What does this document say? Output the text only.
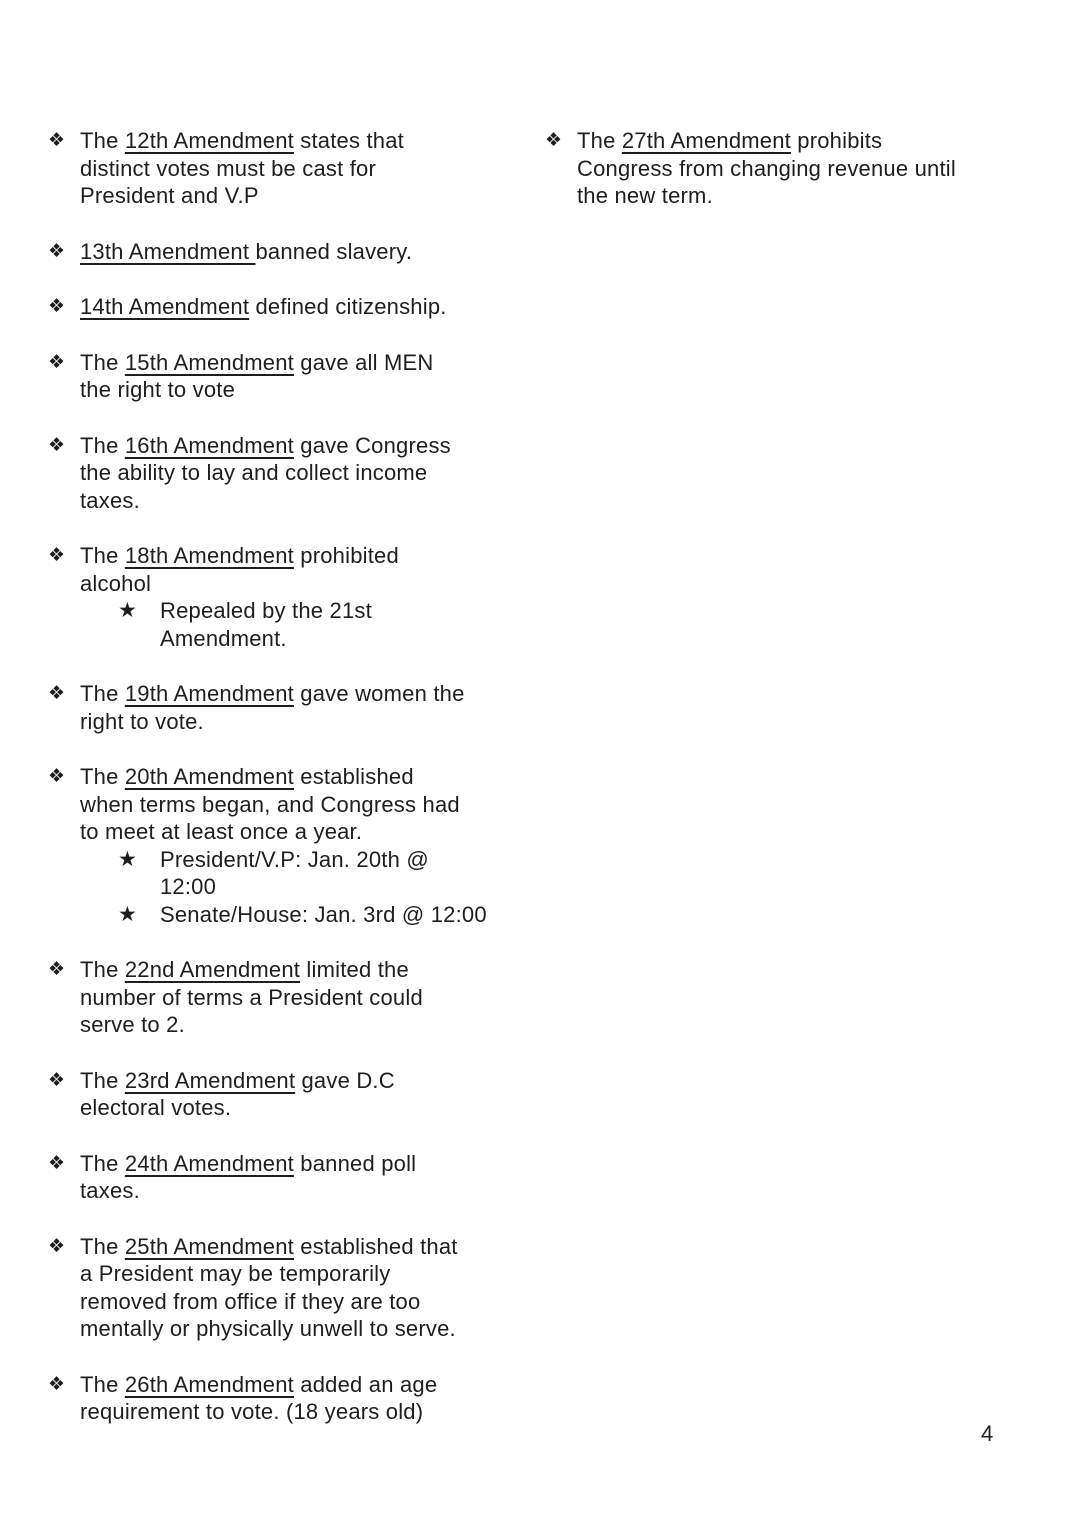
❖ The 12th Amendment states that
distinct votes must be cast for
President and V.P
❖ 13th Amendment banned slavery.
❖ 14th Amendment defined citizenship.
❖ The 15th Amendment gave all MEN
the right to vote
❖ The 16th Amendment gave Congress
the ability to lay and collect income
taxes.
❖ The 18th Amendment prohibited
alcohol
★	Repealed by the 21st
Amendment.
❖ The 19th Amendment gave women the
right to vote.
❖ The 20th Amendment established
when terms began, and Congress had
to meet at least once a year.
★	President/V.P: Jan. 20th @
12:00
★	Senate/House: Jan. 3rd @ 12:00
❖ The 22nd Amendment limited the
number of terms a President could
serve to 2.
❖ The 23rd Amendment gave D.C
electoral votes.
❖ The 24th Amendment banned poll
taxes.
❖ The 25th Amendment established that
a President may be temporarily
removed from office if they are too
mentally or physically unwell to serve.
❖ The 26th Amendment added an age
requirement to vote. (18 years old)
❖ The 27th Amendment prohibits
Congress from changing revenue until
the new term.
4
